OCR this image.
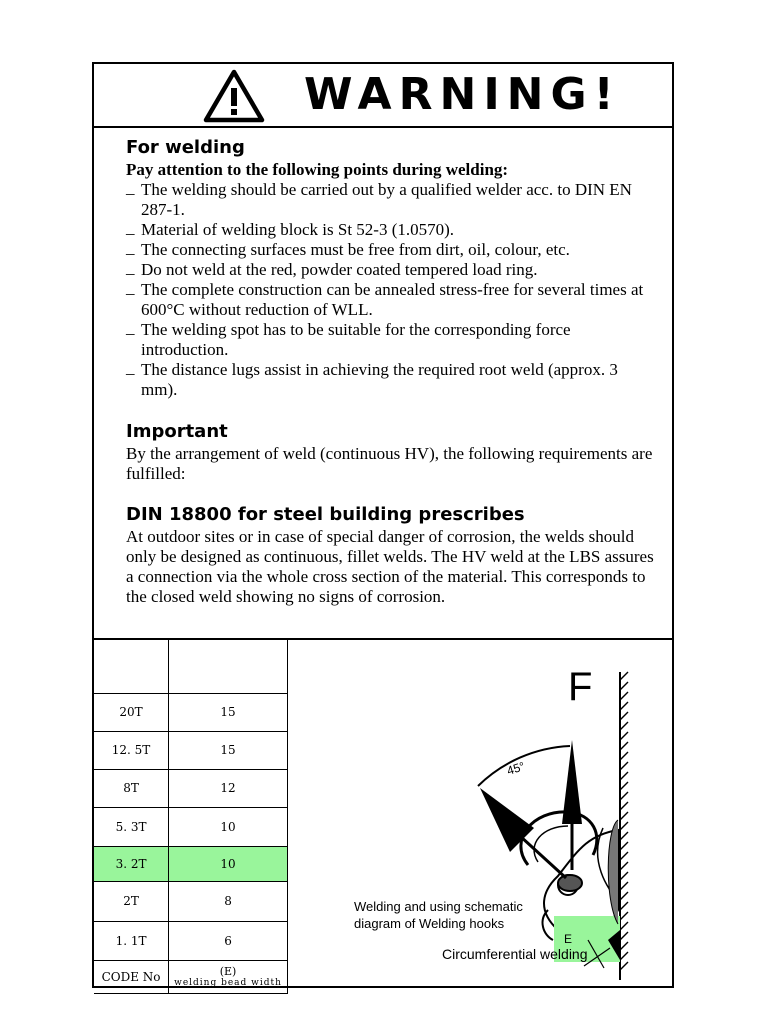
WARNING!
For welding

Pay attention to the following points during welding:

_ The welding should be carried out by a qualified welder acc. to DIN EN 287-1.
_ Material of welding block is St 52-3 (1.0570).
_ The connecting surfaces must be free from dirt, oil, colour, etc.
_ Do not weld at the red, powder coated tempered load ring.
_ The complete construction can be annealed stress-free for several times at 600°C without reduction of WLL.
_ The welding spot has to be suitable for the corresponding force introduction.
_ The distance lugs assist in achieving the required root weld (approx. 3 mm).
Important

By the arrangement of weld (continuous HV), the following requirements are fulfilled:

DIN 18800 for steel building prescribes

At outdoor sites or in case of special danger of corrosion, the welds should only be designed as continuous, fillet welds. The HV weld at the LBS assures a connection via the whole cross section of the material. This corresponds to the closed weld showing no signs of corrosion.

20T	15
12. 5T	15
8T	12
5. 3T	10
3. 2T	10
2T	8
1. 1T	6
CODE No	(E)
welding bead width
F
45°
E
Welding and using schematic
diagram of Welding hooks
Circumferential welding
